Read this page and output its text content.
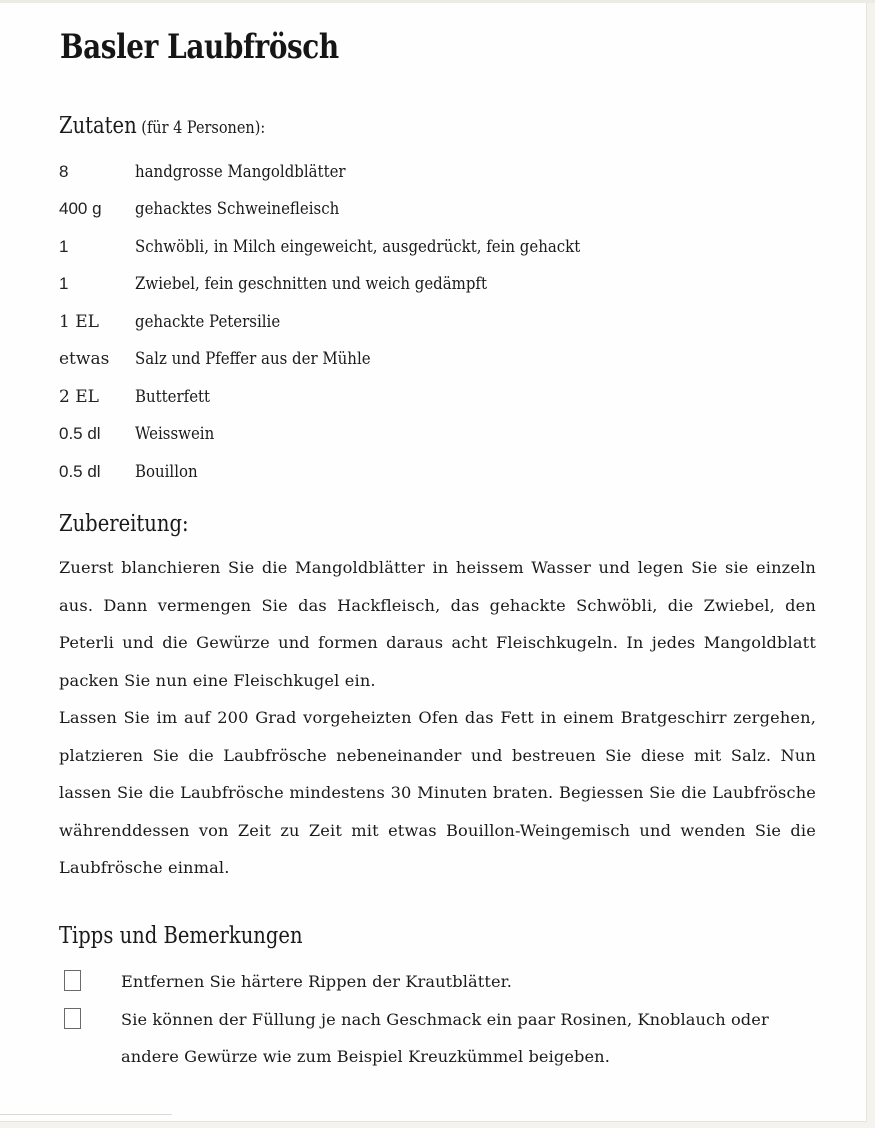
Basler Laubfrösch
Zutaten (für 4 Personen):
8	handgrosse Mangoldblätter
400 g	gehacktes Schweinefleisch
1	Schwöbli, in Milch eingeweicht, ausgedrückt, fein gehackt
1	Zwiebel, fein geschnitten und weich gedämpft
1 EL	gehackte Petersilie
etwas	Salz und Pfeffer aus der Mühle
2 EL	Butterfett
0.5 dl	Weisswein
0.5 dl	Bouillon
Zubereitung:

Zuerst blanchieren Sie die Mangoldblätter in heissem Wasser und legen Sie sie einzeln aus. Dann vermengen Sie das Hackfleisch, das gehackte Schwöbli, die Zwiebel, den Peterli und die Gewürze und formen daraus acht Fleischkugeln. In jedes Mangoldblatt packen Sie nun eine Fleischkugel ein.

Lassen Sie im auf 200 Grad vorgeheizten Ofen das Fett in einem Bratgeschirr zergehen, platzieren Sie die Laubfrösche nebeneinander und bestreuen Sie diese mit Salz. Nun lassen Sie die Laubfrösche mindestens 30 Minuten braten. Begiessen Sie die Laubfrösche währenddessen von Zeit zu Zeit mit etwas Bouillon-Weingemisch und wenden Sie die Laubfrösche einmal.

Tipps und Bemerkungen
Entfernen Sie härtere Rippen der Krautblätter.
Sie können der Füllung je nach Geschmack ein paar Rosinen, Knoblauch oder andere Gewürze wie zum Beispiel Kreuzkümmel beigeben.
